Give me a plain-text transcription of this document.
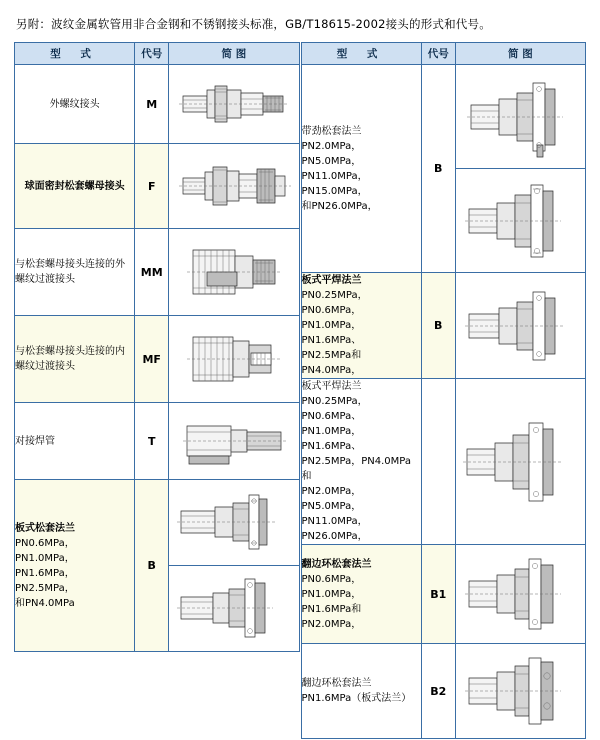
另附：波纹金属软管用非合金钢和不锈钢接头标准，GB/T18615-2002接头的形式和代号。
型 式	代号	简 图
外螺纹接头	M	

球面密封松套螺母接头	F	

与松套螺母接头连接的外螺纹过渡接头	MM	

与松套螺母接头连接的内螺纹过渡接头	MF	

对接焊管	T	

板式松套法兰
PN0.6MPa，PN1.0MPa，
PN1.6MPa，PN2.5MPa，
和PN4.0MPa	B	

型 式	代号	简 图

带劲松套法兰
PN2.0MPa，PN5.0MPa，
PN11.0MPa，PN15.0MPa，
和PN26.0MPa，	B	

板式平焊法兰
PN0.25MPa，PN0.6MPa，
PN1.0MPa，PN1.6MPa、
PN2.5MPa和PN4.0MPa，	B	

板式平焊法兰
PN0.25MPa，PN0.6MPa、
PN1.0MPa，PN1.6MPa、
PN2.5MPa，PN4.0MPa 和
PN2.0MPa，PN5.0MPa，
PN11.0MPa，PN26.0MPa，

翻边环松套法兰
PN0.6MPa，PN1.0MPa，
PN1.6MPa和PN2.0MPa，	B1	

翻边环松套法兰
PN1.6MPa（板式法兰）	B2	
